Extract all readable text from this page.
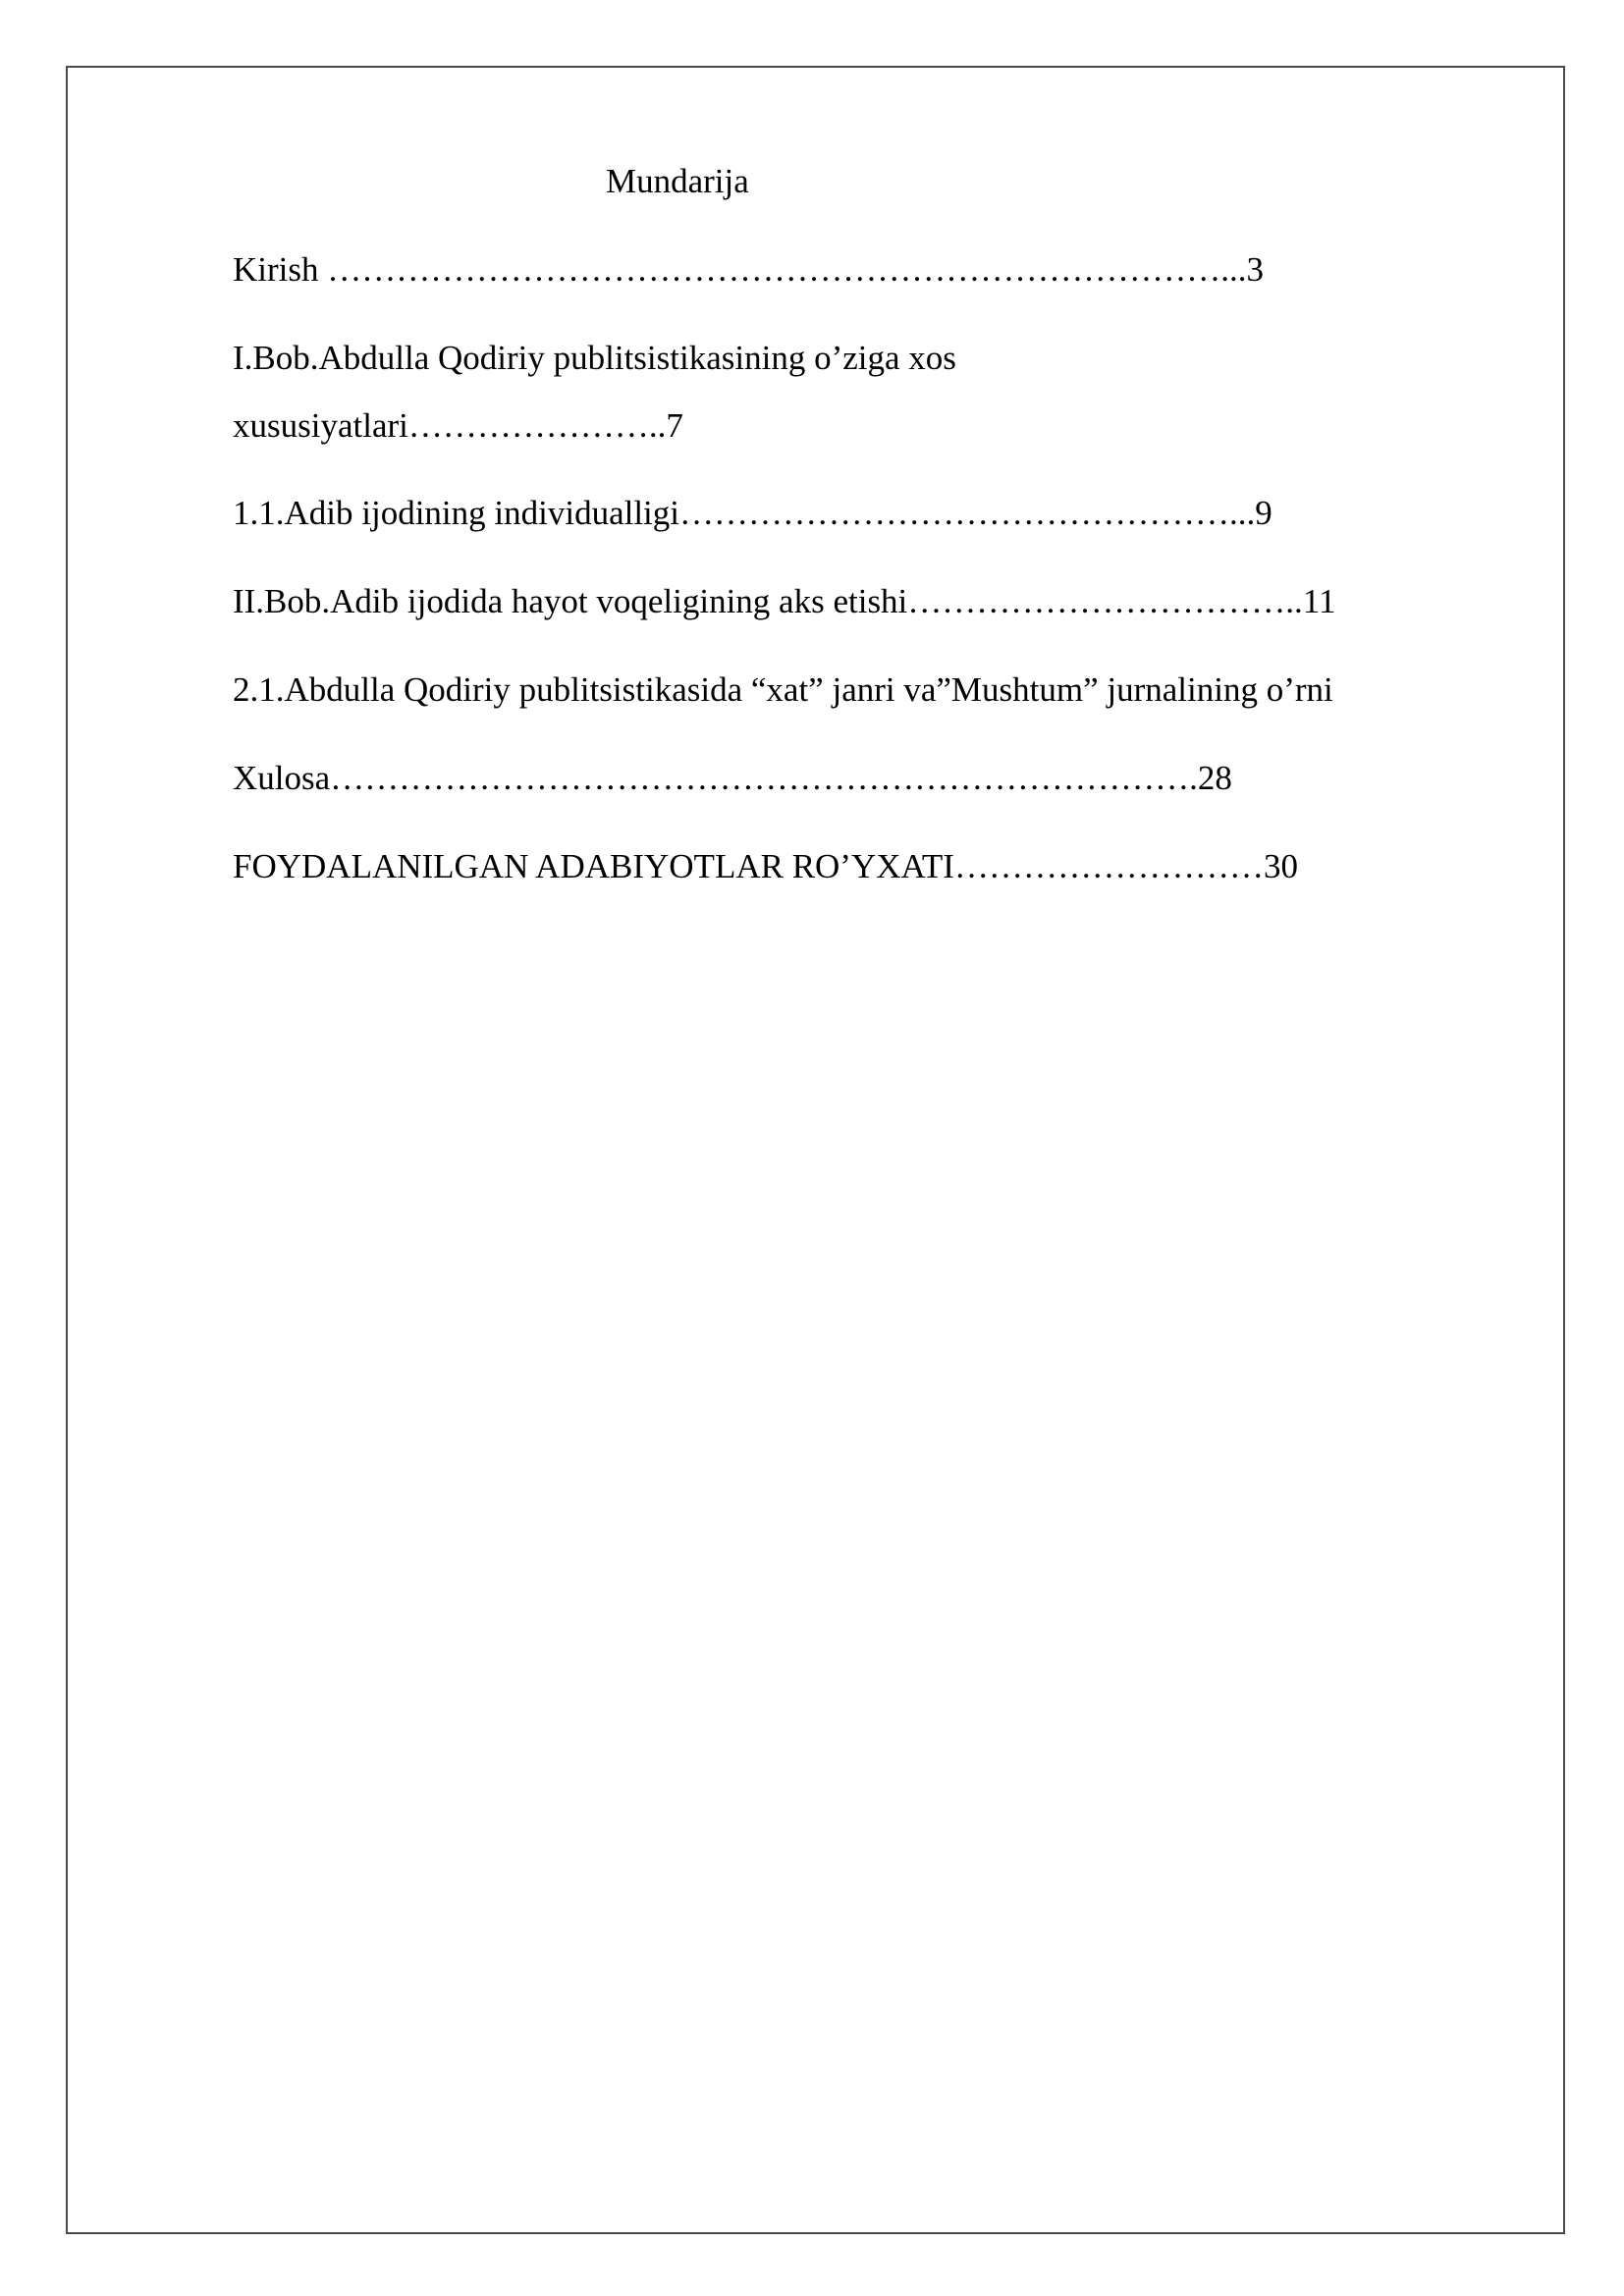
Mundarija
Kirish ……………………………………………………………………...3
I.Bob.Abdulla Qodiriy publitsistikasining o’ziga xos
xususiyatlari…………………..7
1.1.Adib ijodining individualligi…………………………………………...9
II.Bob.Adib ijodida hayot voqeligining aks etishi……………………………..11
2.1.Abdulla Qodiriy publitsistikasida “xat” janri va”Mushtum” jurnalining o’rni
Xulosa………………………………………………………………….28
FOYDALANILGAN ADABIYOTLAR RO’YXATI………………………30
